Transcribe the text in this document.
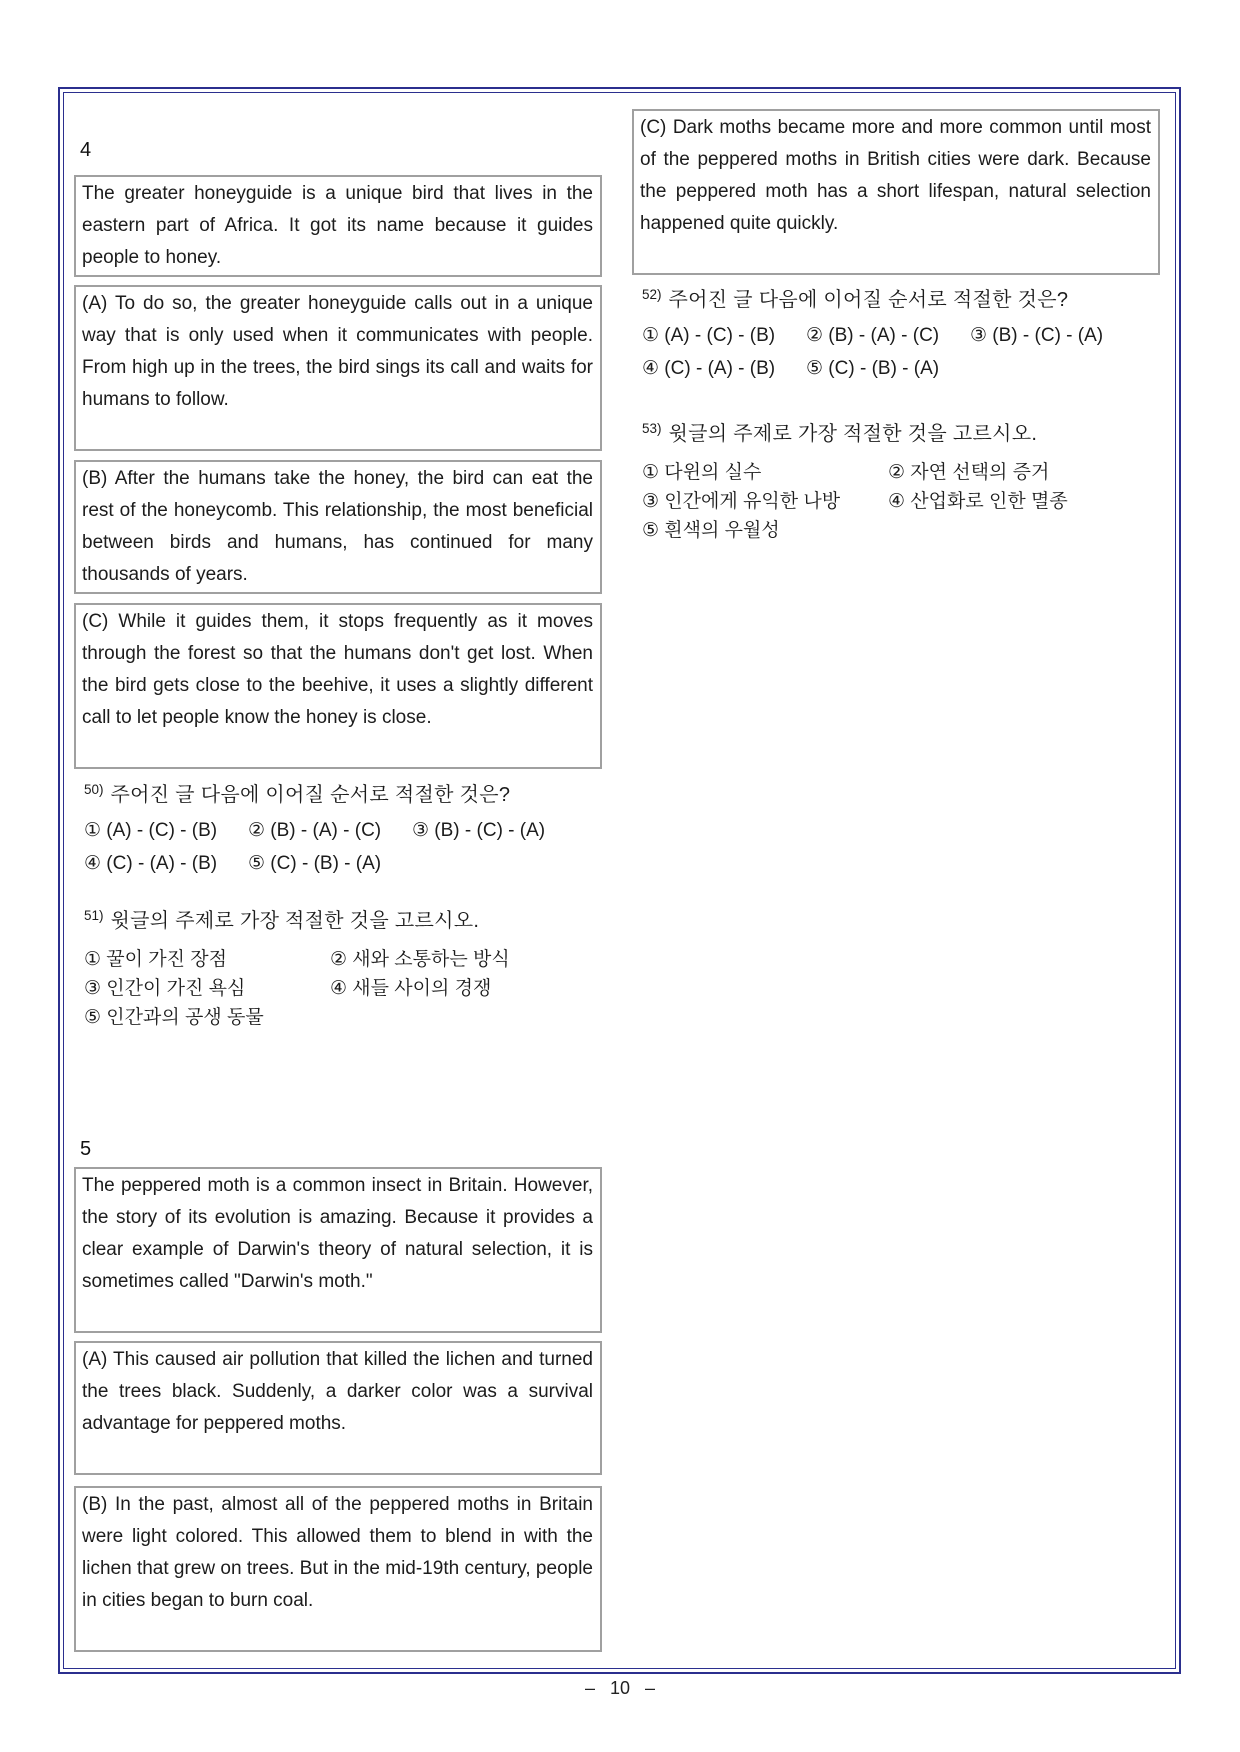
4

The greater honeyguide is a unique bird that lives in the eastern part of Africa. It got its name because it guides people to honey.

(A) To do so, the greater honeyguide calls out in a unique way that is only used when it communicates with people. From high up in the trees, the bird sings its call and waits for humans to follow.

(B) After the humans take the honey, the bird can eat the rest of the honeycomb. This relationship, the most beneficial between birds and humans, has continued for many thousands of years.

(C) While it guides them, it stops frequently as it moves through the forest so that the humans don't get lost. When the bird gets close to the beehive, it uses a slightly different call to let people know the honey is close.

$^{50)}$ 주어진 글 다음에 이어질 순서로 적절한 것은?
① (A) - (C) - (B)	② (B) - (A) - (C)	③ (B) - (C) - (A)
④ (C) - (A) - (B)	⑤ (C) - (B) - (A)
$^{51)}$ 윗글의 주제로 가장 적절한 것을 고르시오.
① 꿀이 가진 장점	② 새와 소통하는 방식
③ 인간이 가진 욕심	④ 새들 사이의 경쟁
⑤ 인간과의 공생 동물
5

The peppered moth is a common insect in Britain. However, the story of its evolution is amazing. Because it provides a clear example of Darwin's theory of natural selection, it is sometimes called "Darwin's moth."

(A) This caused air pollution that killed the lichen and turned the trees black. Suddenly, a darker color was a survival advantage for peppered moths.

(B) In the past, almost all of the peppered moths in Britain were light colored. This allowed them to blend in with the lichen that grew on trees. But in the mid-19th century, people in cities began to burn coal.

(C) Dark moths became more and more common until most of the peppered moths in British cities were dark. Because the peppered moth has a short lifespan, natural selection happened quite quickly.

$^{52)}$ 주어진 글 다음에 이어질 순서로 적절한 것은?
① (A) - (C) - (B)	② (B) - (A) - (C)	③ (B) - (C) - (A)
④ (C) - (A) - (B)	⑤ (C) - (B) - (A)
$^{53)}$ 윗글의 주제로 가장 적절한 것을 고르시오.
① 다윈의 실수	② 자연 선택의 증거
③ 인간에게 유익한 나방	④ 산업화로 인한 멸종
⑤ 흰색의 우월성
– 10 –
